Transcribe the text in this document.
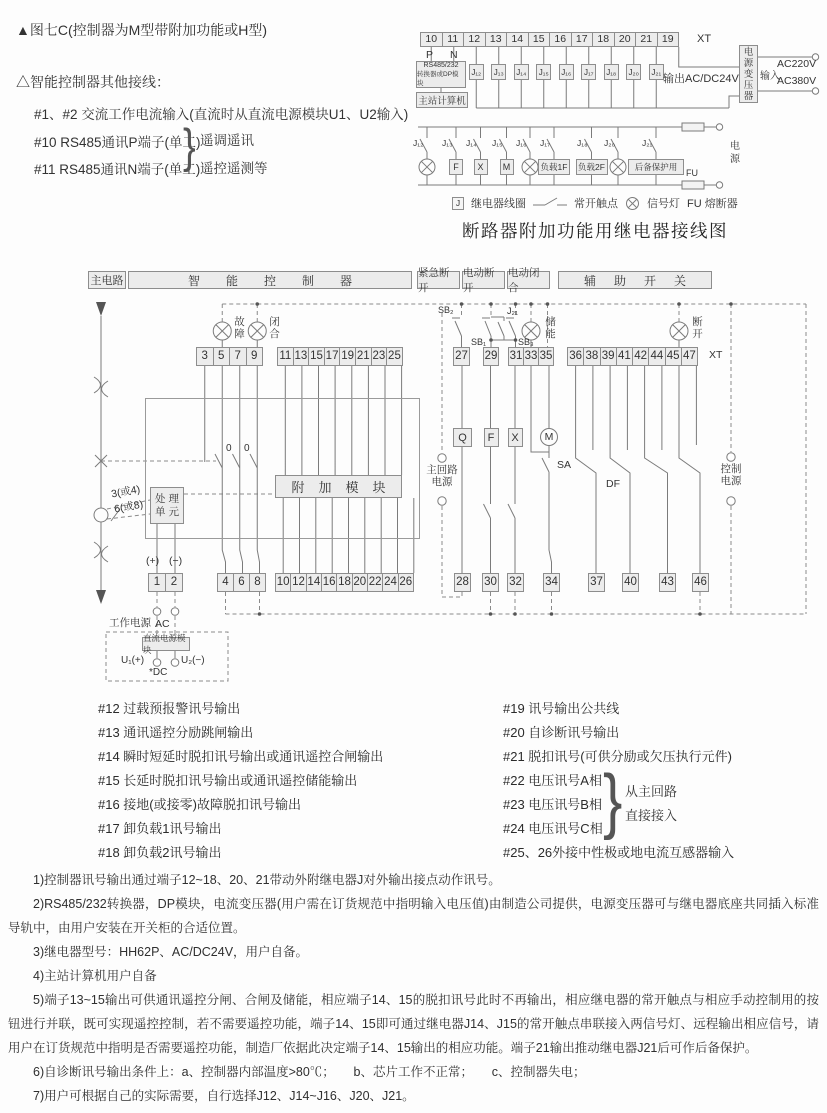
▲图七C(控制器为M型带附加功能或H型)
△智能控制器其他接线：
#1、#2 交流工作电流输入(直流时从直流电源模块U1、U2输入)
#10 RS485通讯P端子(单工)
#11 RS485通讯N端子(单工)
} 遥调遥讯
遥控遥测等
10 11 12 13 14 15 16 17 18 20 21 19	XT
P N
RS485/232
转换器或DP模块
主站计算机
J₁₂	J₁₃	J₁₄	J₁₅	J₁₆	J₁₇	J₁₈	J₂₀	J₂₁
输出AC/DC24V
电源变压器
输入
AC220V
AC380V
J₁₂ J₁₃ J₁₄ J₁₅ J₁₆ J₁₇	J₁₈ J₂₀	J₂₁
F	X	M	负载1F 负载2F	后备保护用
FU
电源
J 继电器线圈	常开触点	信号灯 FU 熔断器
断路器附加功能用继电器接线图
主电路	智能控制器
紧急断开
电动断开
电动闭合
辅助开关
故障
闭合
储能
断开
SB₂
SB₁	SB₃
J₂₁
3 5 7 9	11 13 15 17 19 21 23 25	27 29 31 33 35 36 38 39 41 42 44 45 47 XT
0 0
附加模块
处 理
单 元
3(或4)
6(或8)
Q	F	X	M
SA
DF
主回路
电源
控制
电源
(+) (−)
1 2	4 6 8	10 12 14 16 18 20 22 24 26	28 30 32 34	37 40 43 46
工作电源 AC
直流电源模块
U₁(+)	U₂(−)
*DC
#12 过载预报警讯号输出
#13 通讯遥控分励跳闸输出
#14 瞬时短延时脱扣讯号输出或通讯遥控合闸输出
#15 长延时脱扣讯号输出或通讯遥控储能输出
#16 接地(或接零)故障脱扣讯号输出
#17 卸负载1讯号输出
#18 卸负载2讯号输出
#19 讯号输出公共线
#20 自诊断讯号输出
#21 脱扣讯号(可供分励或欠压执行元件)
#22 电压讯号A相
#23 电压讯号B相
#24 电压讯号C相
#25、26外接中性极或地电流互感器输入
} 从主回路
直接接入

1)控制器讯号输出通过端子12~18、20、21带动外附继电器J对外输出接点动作讯号。

2)RS485/232转换器，DP模块，电流变压器(用户需在订货规范中指明输入电压值)由制造公司提供，电源变压器可与继电器底座共同插入标准导轨中，由用户安装在开关柜的合适位置。

3)继电器型号：HH62P、AC/DC24V，用户自备。

4)主站计算机用户自备

5)端子13~15输出可供通讯遥控分闸、合闸及储能，相应端子14、15的脱扣讯号此时不再输出，相应继电器的常开触点与相应手动控制用的按钮进行并联，既可实现遥控控制，若不需要遥控功能，端子14、15即可通过继电器J14、J15的常开触点串联接入两信号灯、远程输出相应信号，请用户在订货规范中指明是否需要遥控功能，制造厂依据此决定端子14、15输出的相应功能。端子21输出推动继电器J21后可作后备保护。

6)自诊断讯号输出条件上：a、控制器内部温度>80℃；　　b、芯片工作不正常；　　c、控制器失电；

7)用户可根据自己的实际需要，自行选择J12、J14~J16、J20、J21。
